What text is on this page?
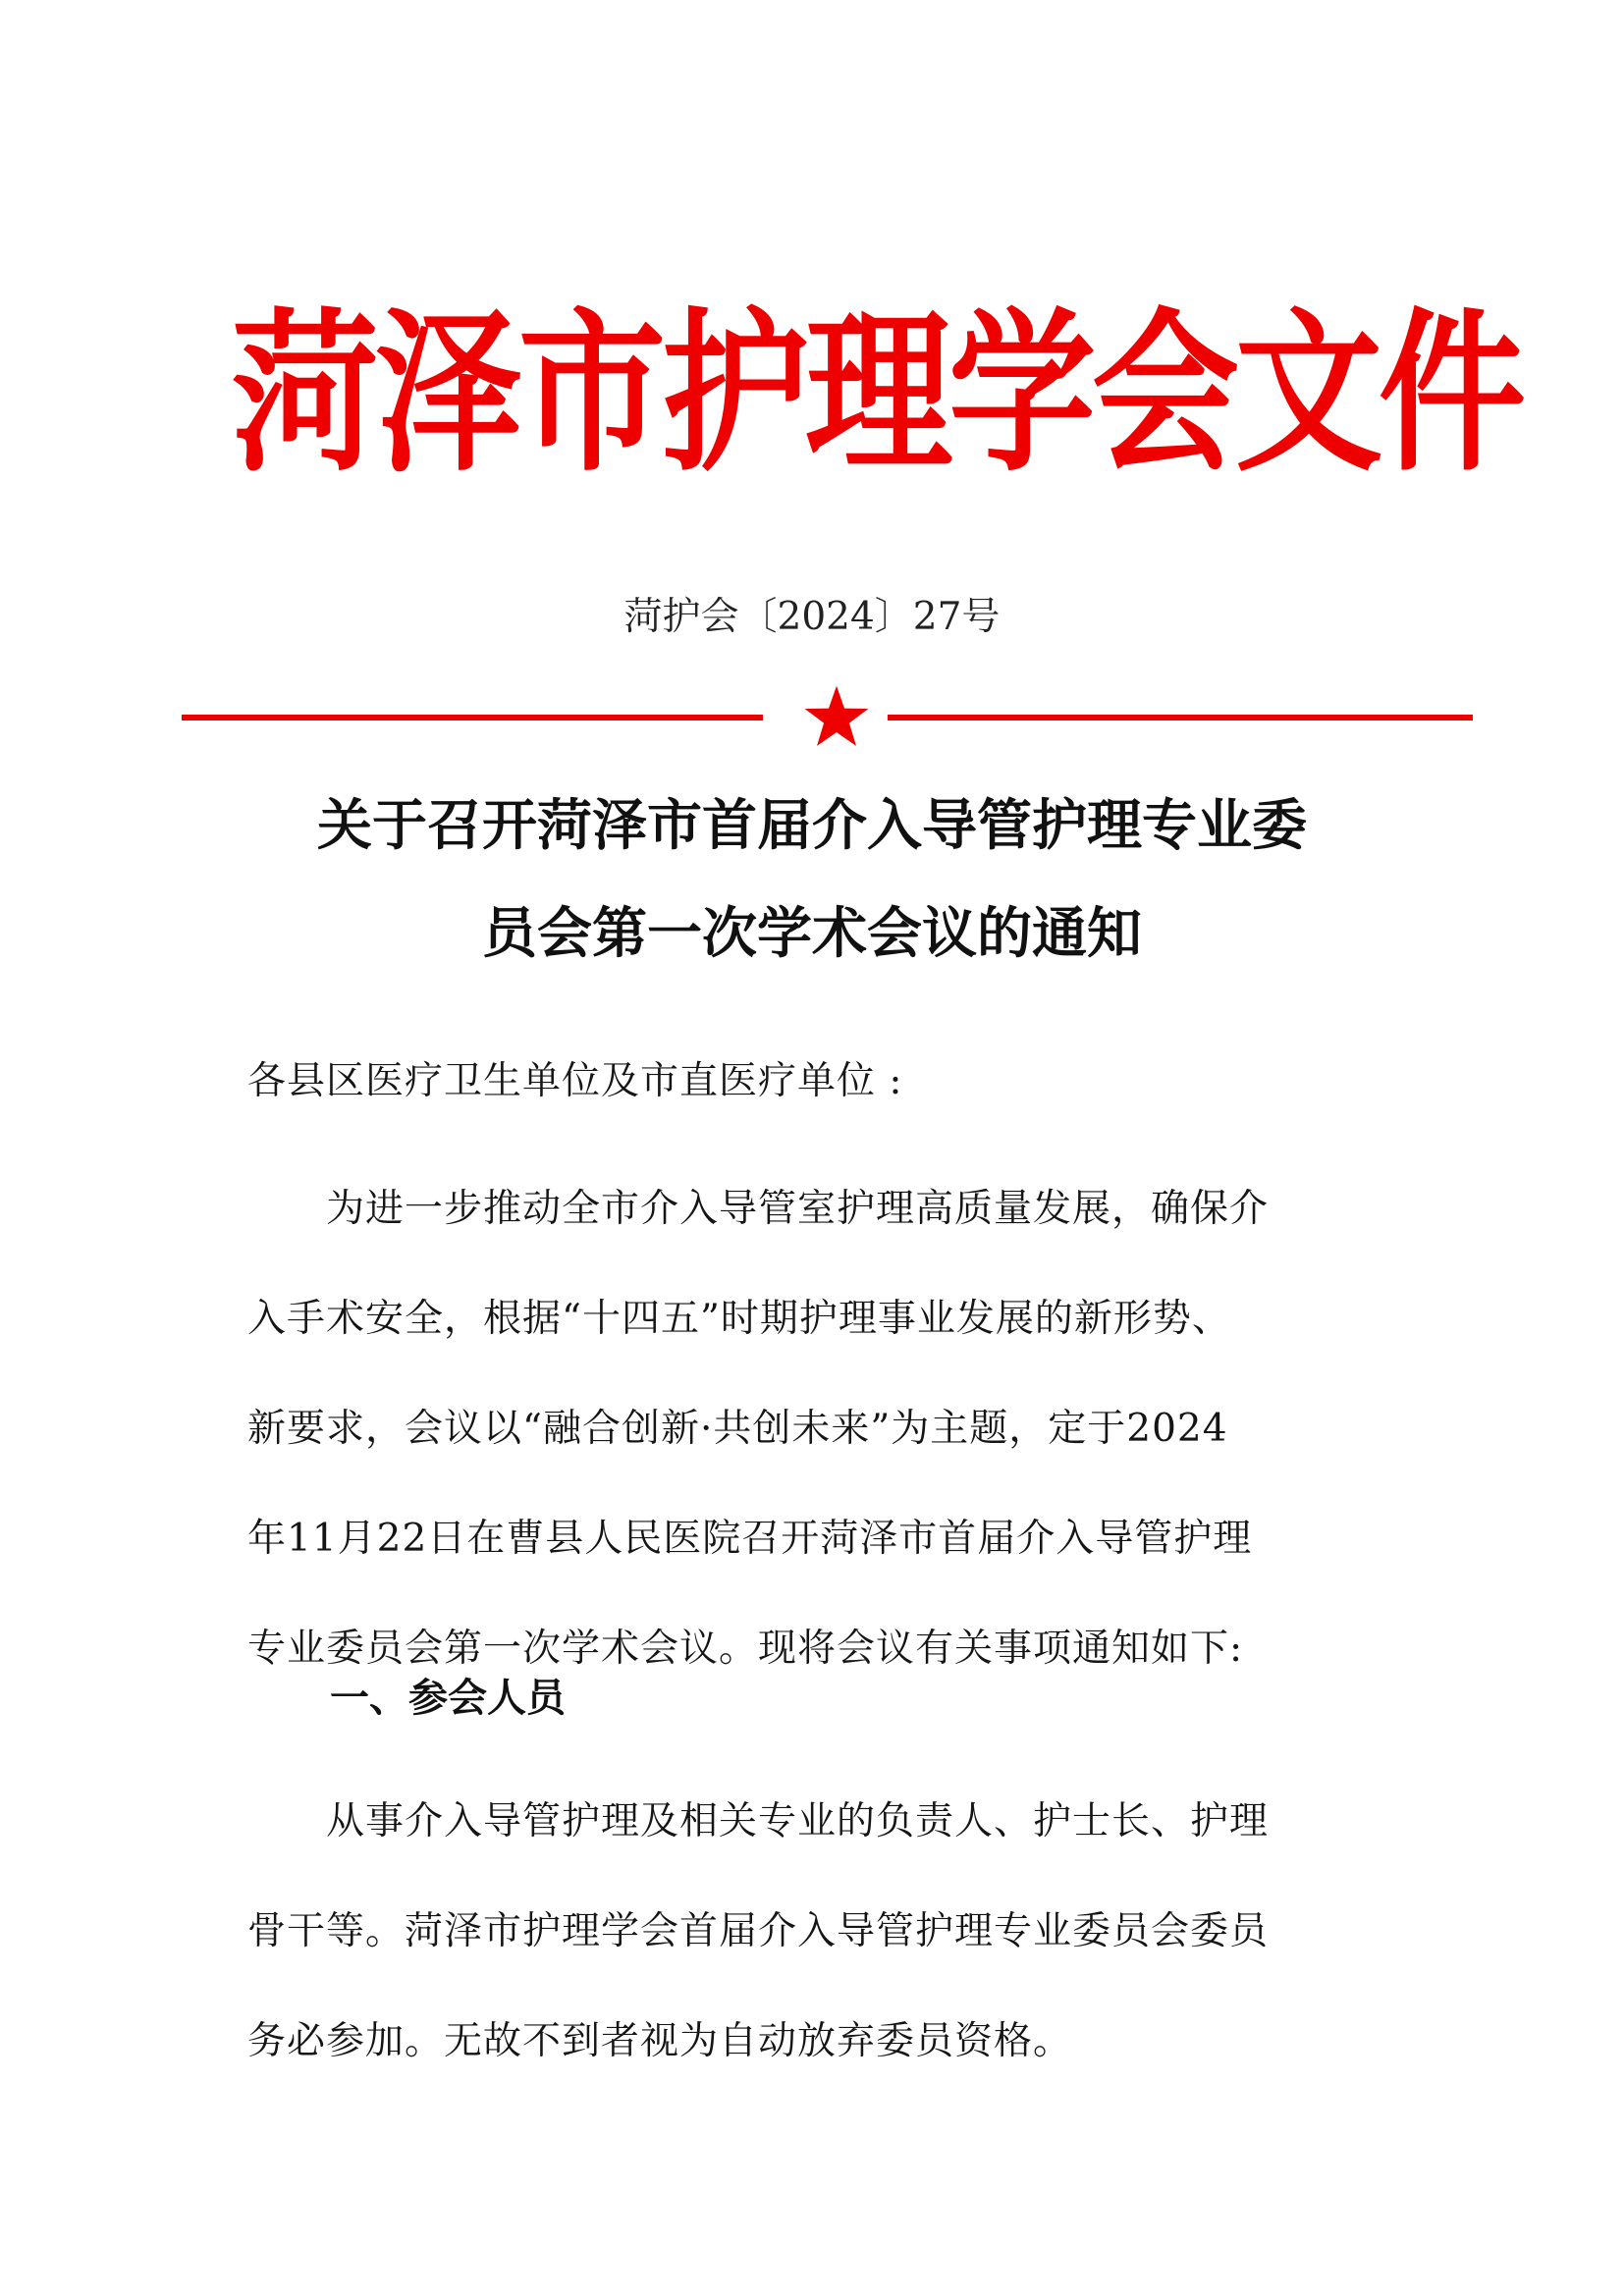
菏泽市护理学会文件
菏护会〔2024〕27号
关于召开菏泽市首届介入导管护理专业委
员会第一次学术会议的通知
各县区医疗卫生单位及市直医疗单位 :
　　为进一步推动全市介入导管室护理高质量发展，确保介
入手术安全，根据“十四五”时期护理事业发展的新形势、
新要求，会议以“融合创新·共创未来”为主题，定于2024
年11月22日在曹县人民医院召开菏泽市首届介入导管护理
专业委员会第一次学术会议。现将会议有关事项通知如下:
一、参会人员
　　从事介入导管护理及相关专业的负责人、护士长、护理
骨干等。菏泽市护理学会首届介入导管护理专业委员会委员
务必参加。无故不到者视为自动放弃委员资格。
